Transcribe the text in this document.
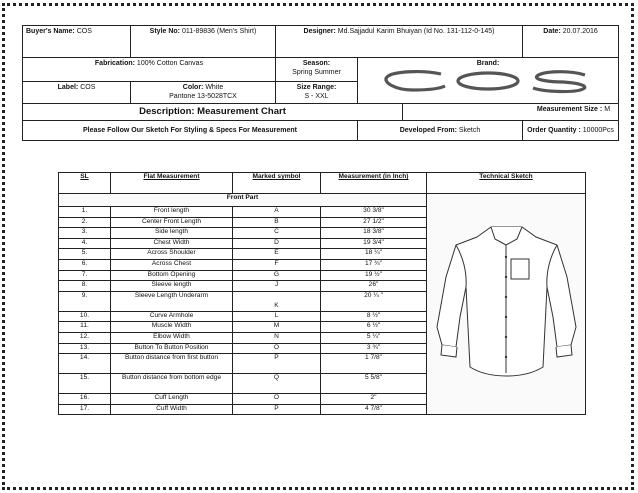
Buyer's Name: COS	Style No: 011-89836 (Men's Shirt)	Designer: Md.Sajjadul Karim Bhuiyan (Id No. 131-112-0-145)			Date: 20.07.2016
Fabrication: 100% Cotton Canvas		Season:
Spring Summer	Brand:		

Label: COS	Color: White
Pantone 13-5028TCX	Size Range:
S - XXL			
Description: Measurement Chart				Measurement Size : M	
Please Follow Our Sketch For Styling & Specs For Measurement			Developed From: Sketch		Order Quantity : 10000Pcs
SL	Flat Measurement	Marked symbol	Measurement (in Inch)	Technical Sketch
Front Part	
1.	Front length	A	30 3/8"	
2.	Center Front Length	B	27 1/2"	
3.	Side length	C	18 3/8"	
4.	Chest Width	D	19 3/4"	
5.	Across Shoulder	E	18 ¼"	
6.	Across Chest	F	17 ¾"	
7.	Bottom Opening	G	19 ½"	
8.	Sleeve length	J	26"	
9.	Sleeve Length Underarm	K	20 ¼ "	
10.	Curve Armhole	L	8 ½"	
11.	Muscle Width	M	6 ½"	
12.	Elbow Width	N	5 ¼"	
13.	Button To Button Position	O	3 ¾"	
14.	Button distance from first button	P	1 7/8"	
15.	Button distance from bottom edge	Q	5 5/8"	
16.	Cuff Length	O	2"	
17.	Cuff Width	P	4 7/8"	
